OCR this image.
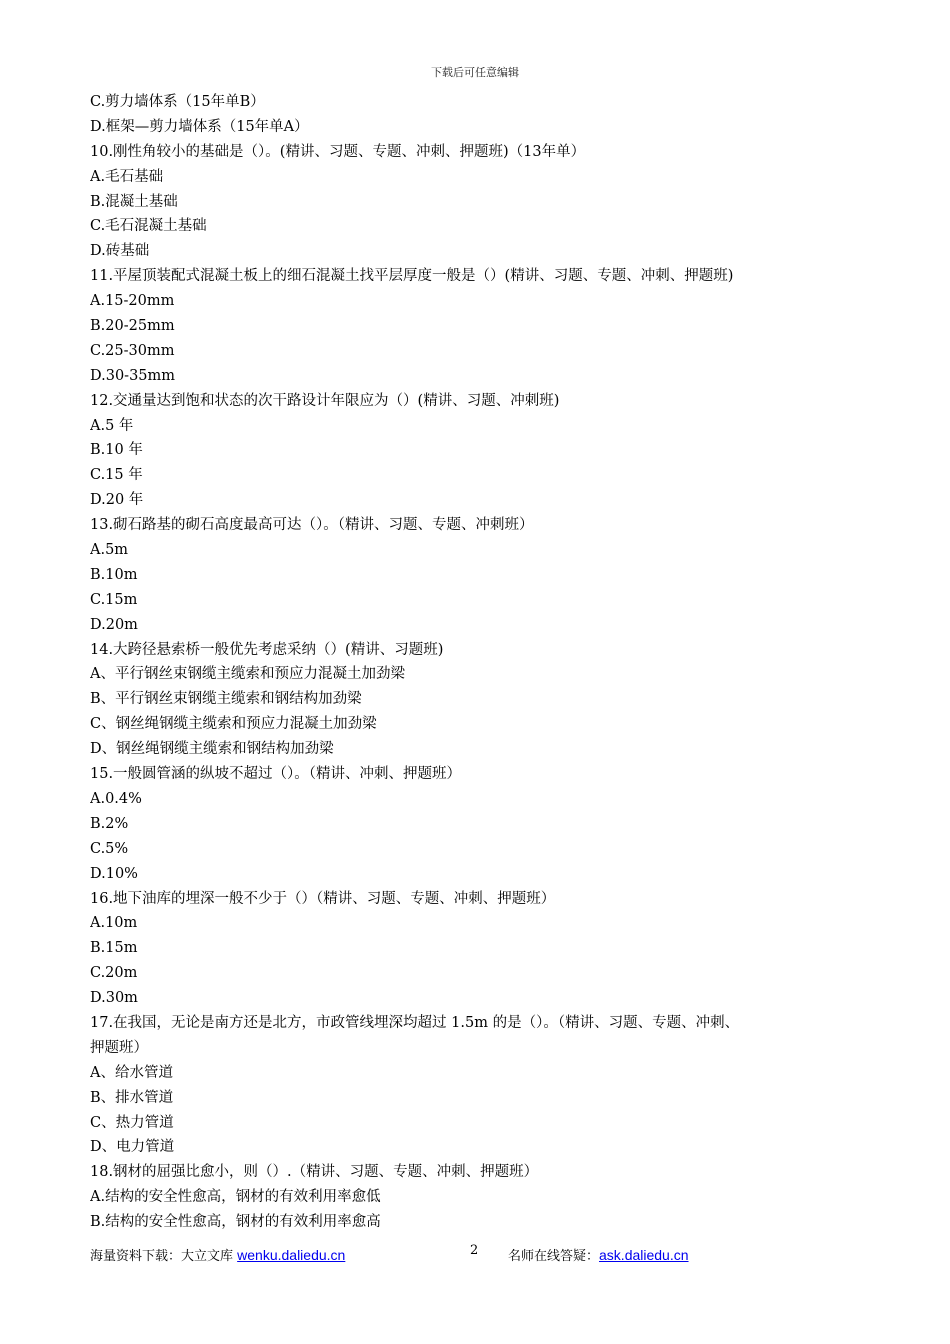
下载后可任意编辑
C.剪力墙体系（15年单B）
D.框架—剪力墙体系（15年单A）
10.刚性角较小的基础是（）。(精讲、习题、专题、冲刺、押题班)（13年单）
A.毛石基础
B.混凝土基础
C.毛石混凝土基础
D.砖基础
11.平屋顶装配式混凝土板上的细石混凝土找平层厚度一般是（）(精讲、习题、专题、冲刺、押题班)
A.15-20mm
B.20-25mm
C.25-30mm
D.30-35mm
12.交通量达到饱和状态的次干路设计年限应为（）(精讲、习题、冲刺班)
A.5 年
B.10 年
C.15 年
D.20 年
13.砌石路基的砌石高度最高可达（）。（精讲、习题、专题、冲刺班）
A.5m
B.10m
C.15m
D.20m
14.大跨径悬索桥一般优先考虑采纳（）(精讲、习题班)
A、平行钢丝束钢缆主缆索和预应力混凝土加劲梁
B、平行钢丝束钢缆主缆索和钢结构加劲梁
C、钢丝绳钢缆主缆索和预应力混凝土加劲梁
D、钢丝绳钢缆主缆索和钢结构加劲梁
15.一般圆管涵的纵坡不超过（）。（精讲、冲刺、押题班）
A.0.4%
B.2%
C.5%
D.10%
16.地下油库的埋深一般不少于（）（精讲、习题、专题、冲刺、押题班）
A.10m
B.15m
C.20m
D.30m
17.在我国，无论是南方还是北方，市政管线埋深均超过 1.5m 的是（）。（精讲、习题、专题、冲刺、
押题班）
A、给水管道
B、排水管道
C、热力管道
D、电力管道
18.钢材的屈强比愈小，则（）.（精讲、习题、专题、冲刺、押题班）
A.结构的安全性愈高，钢材的有效利用率愈低
B.结构的安全性愈高，钢材的有效利用率愈高
海量资料下载：大立文库 wenku.daliedu.cn	2 名师在线答疑：ask.daliedu.cn
